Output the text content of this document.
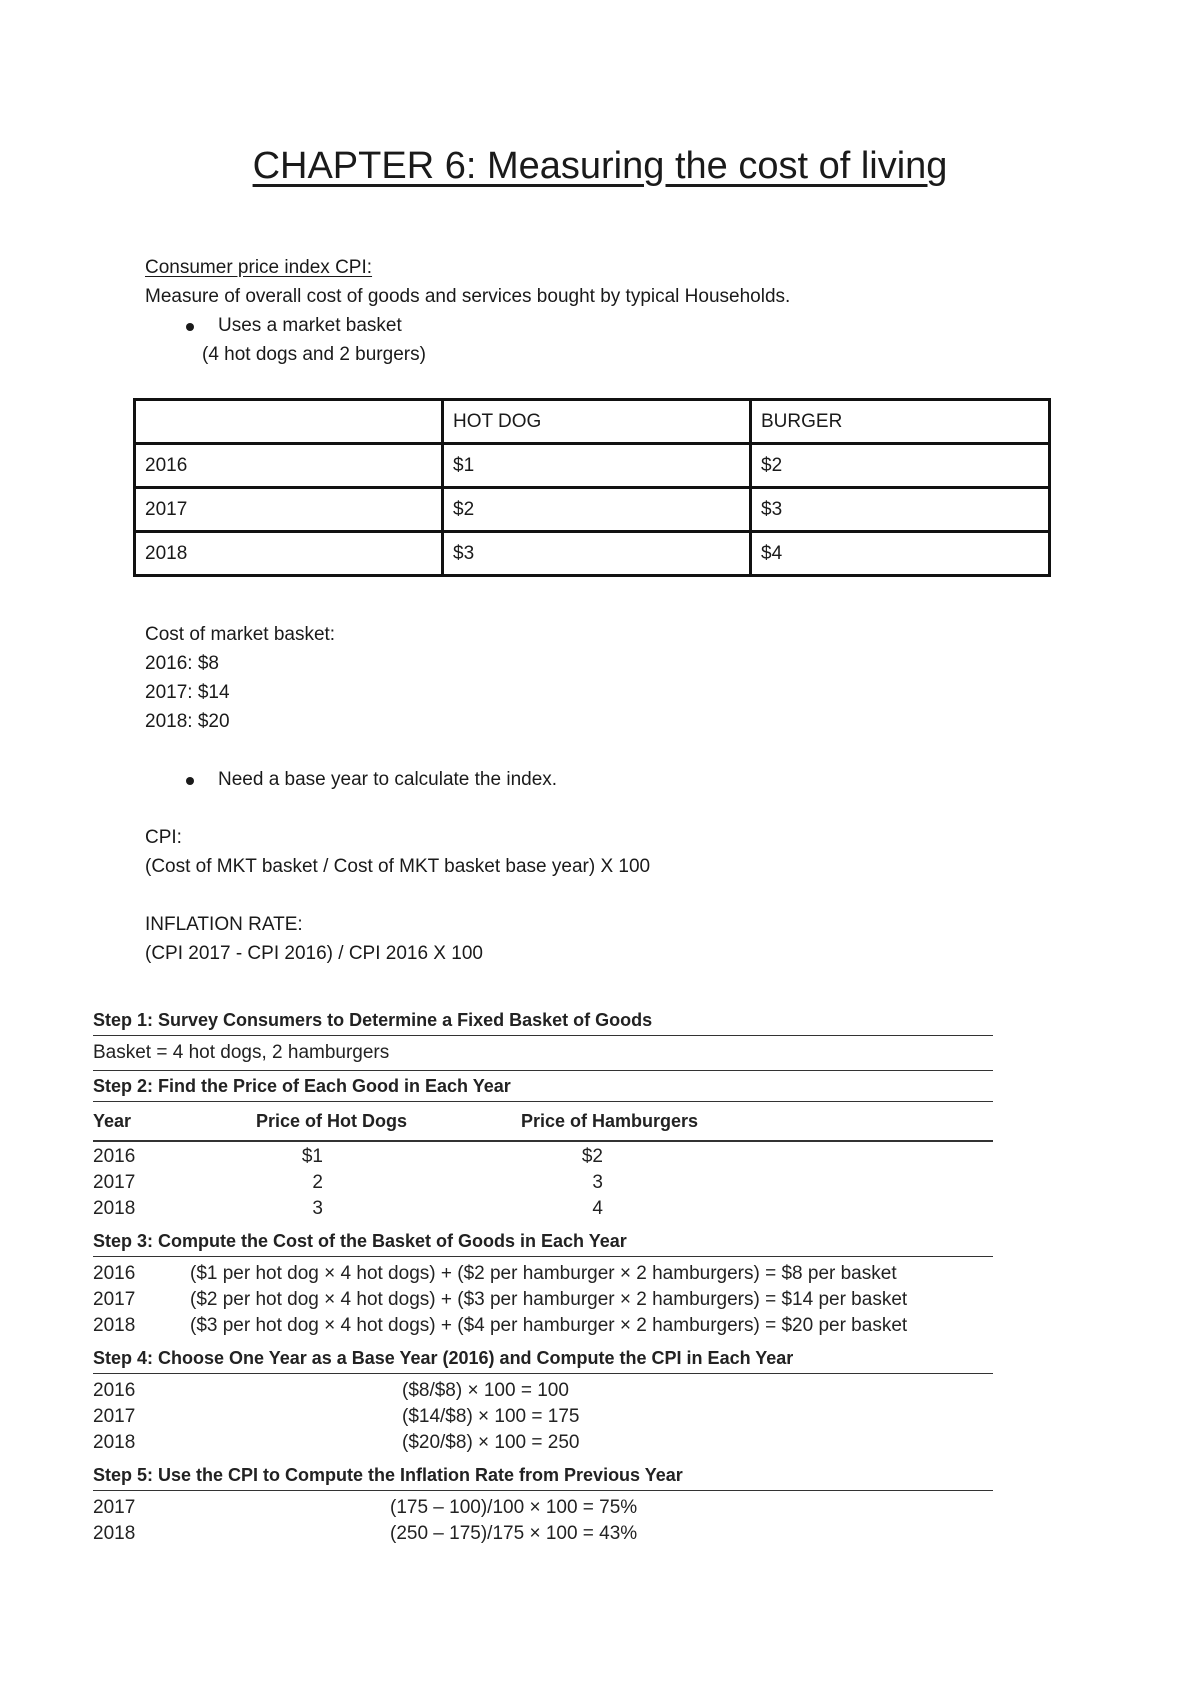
CHAPTER 6: Measuring the cost of living
Consumer price index CPI:
Measure of overall cost of goods and services bought by typical Households.
Uses a market basket
(4 hot dogs and 2 burgers)
	HOT DOG	BURGER
2016	$1	$2
2017	$2	$3
2018	$3	$4
Cost of market basket:
2016: $8
2017: $14
2018: $20
Need a base year to calculate the index.
CPI:
(Cost of MKT basket / Cost of MKT basket base year) X 100
INFLATION RATE:
(CPI 2017 - CPI 2016) / CPI 2016 X 100
Step 1: Survey Consumers to Determine a Fixed Basket of Goods
Basket = 4 hot dogs, 2 hamburgers
Step 2: Find the Price of Each Good in Each Year
Year	Price of Hot Dogs	Price of Hamburgers
2016	$1	$2
2017	2	3
2018	3	4
Step 3: Compute the Cost of the Basket of Goods in Each Year
2016	($1 per hot dog × 4 hot dogs) + ($2 per hamburger × 2 hamburgers) = $8 per basket
2017	($2 per hot dog × 4 hot dogs) + ($3 per hamburger × 2 hamburgers) = $14 per basket
2018	($3 per hot dog × 4 hot dogs) + ($4 per hamburger × 2 hamburgers) = $20 per basket
Step 4: Choose One Year as a Base Year (2016) and Compute the CPI in Each Year
2016	($8/$8) × 100 = 100
2017	($14/$8) × 100 = 175
2018	($20/$8) × 100 = 250
Step 5: Use the CPI to Compute the Inflation Rate from Previous Year
2017	(175 – 100)/100 × 100 = 75%
2018	(250 – 175)/175 × 100 = 43%
